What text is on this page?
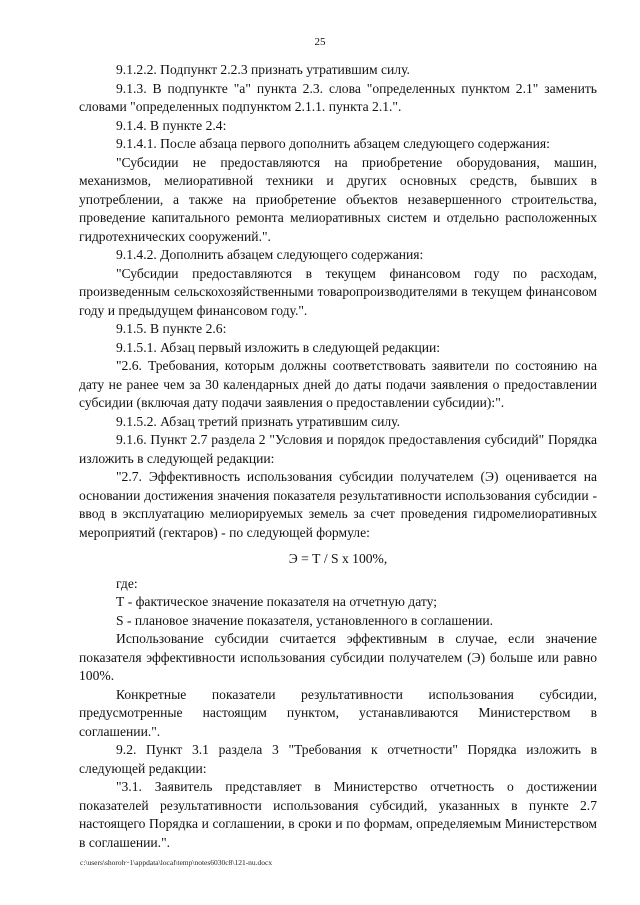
25

9.1.2.2. Подпункт 2.2.3 признать утратившим силу.

9.1.3. В подпункте "а" пункта 2.3. слова "определенных пунктом 2.1" заменить словами "определенных подпунктом 2.1.1. пункта 2.1.".

9.1.4. В пункте 2.4:

9.1.4.1. После абзаца первого дополнить абзацем следующего содержания:

"Субсидии не предоставляются на приобретение оборудования, машин, механизмов, мелиоративной техники и других основных средств, бывших в употреблении, а также на приобретение объектов незавершенного строительства, проведение капитального ремонта мелиоративных систем и отдельно расположенных гидротехнических сооружений.".

9.1.4.2. Дополнить абзацем следующего содержания:

"Субсидии предоставляются в текущем финансовом году по расходам, произведенным сельскохозяйственными товаропроизводителями в текущем финансовом году и предыдущем финансовом году.".

9.1.5. В пункте 2.6:

9.1.5.1. Абзац первый изложить в следующей редакции:

"2.6. Требования, которым должны соответствовать заявители по состоянию на дату не ранее чем за 30 календарных дней до даты подачи заявления о предоставлении субсидии (включая дату подачи заявления о предоставлении субсидии):".

9.1.5.2. Абзац третий признать утратившим силу.

9.1.6. Пункт 2.7 раздела 2 "Условия и порядок предоставления субсидий" Порядка изложить в следующей редакции:

"2.7. Эффективность использования субсидии получателем (Э) оценивается на основании достижения значения показателя результативности использования субсидии - ввод в эксплуатацию мелиорируемых земель за счет проведения гидромелиоративных мероприятий (гектаров) - по следующей формуле:

Э = Т / S x 100%,

где:

Т - фактическое значение показателя на отчетную дату;

S - плановое значение показателя, установленного в соглашении.

Использование субсидии считается эффективным в случае, если значение показателя эффективности использования субсидии получателем (Э) больше или равно 100%.

Конкретные показатели результативности использования субсидии, предусмотренные настоящим пунктом, устанавливаются Министерством в соглашении.".

9.2. Пункт 3.1 раздела 3 "Требования к отчетности" Порядка изложить в следующей редакции:

"3.1. Заявитель представляет в Министерство отчетность о достижении показателей результативности использования субсидий, указанных в пункте 2.7 настоящего Порядка и соглашении, в сроки и по формам, определяемым Министерством в соглашении.".

c:\users\shoroh~1\appdata\local\temp\notes6030c8\121-nu.docx
